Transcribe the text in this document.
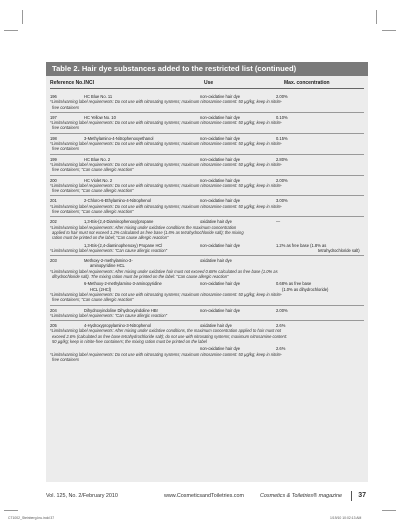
Table 2. Hair dye substances added to the restricted list (continued)
Reference No. INCI	Use	Max. concentration
196	HC Blue No. 11	non-oxidative hair dye	2.00%
*Limits/warning label requirements: Do not use with nitrosating systems; maximum nitrosamine content: 50 µg/kg; keep in nitrite-
free containers
197	HC Yellow No. 10	non-oxidative hair dye	0.10%
*Limits/warning label requirements: Do not use with nitrosating systems; maximum nitrosamine content: 50 µg/kg; keep in nitrite-
free containers
198	3-Methylamino-4-Nitrophenoxyethanol	non-oxidative hair dye	0.15%
*Limits/warning label requirements: Do not use with nitrosating systems; maximum nitrosamine content: 50 µg/kg; keep in nitrite-
free containers
199	HC Blue No. 2	non-oxidative hair dye	2.80%
*Limits/warning label requirements: Do not use with nitrosating systems; maximum nitrosamine content: 50 µg/kg; keep in nitrite-
free containers; "Can cause allergic reaction"
200	HC Violet No. 2	non-oxidative hair dye	2.00%
*Limits/warning label requirements: Do not use with nitrosating systems; maximum nitrosamine content: 50 µg/kg; keep in nitrite-
free containers; "Can cause allergic reaction"
201	2-Chloro-6-Ethylamino-4-Nitrophenol	non-oxidative hair dye	3.00%
*Limits/warning label requirements: Do not use with nitrosating systems; maximum nitrosamine content: 50 µg/kg; keep in nitrite-
free containers; "Can cause allergic reaction"
202	1,3-Bis-(2,4-Diaminophenoxy)propane	oxidative hair dye	—
*Limits/warning label requirements: After mixing under oxidative conditions the maximum concentration
applied to hair must not exceed 1.2% calculated as free base (1.8% as tetrahydrochloride salt); the mixing
ration must be printed on the label; "Can cause allergic reaction"
1,3-Bis-(2,4-diaminophenoxy) Propane HCl	non-oxidative hair dye	1.2% as free base (1.8% as
*Limits/warning label requirements: "Can cause allergic reaction"	tetrahydrochloride salt)
203	Methoxy-2-methylamino-3-	oxidative hair dye
aminopyridine HCL
*Limits/warning label requirements: After mixing under oxidative hair must not exceed 0.68% calculated as free base (1.0% as
dihydrochloride salt). The mixing ration must be printed on the label: "Can cause allergic reaction"
6-Methoxy-2-methylamino-3-aminopyridine	non-oxidative hair dye	0.68% as free base
HCL (2HCl)	(1.0% as dihydrochloride)
*Limits/warning label requirements: Do not use with nitrosating systems; maximum nitrosamine content: 50 µg/kg; keep in nitrite-
free containers; "Can cause allergic reaction"
204	Dihydroxyindoline Dihydroxyindoline HBr	non-oxidative hair dye	2.00%
*Limits/warning label requirements: "Can cause allergic reaction"
205	4-Hydroxypropylamino-3-Nitrophenol	oxidative hair dye	2.6%
*Limits/warning label requirements: After mixing under oxidative conditions, the maximum concentration applied to hair must not
exceed 2.6% (calculated as free base tetrahydrochloride salt); do not use with nitrosating systems; maximum nitrosamine content:
50 µg/kg; keep in nitrite-free containers; the mixing ration must be printed on the label
non-oxidative hair dye	2.6%
*Limits/warning label requirements: Do not use with nitrosating systems; maximum nitrosamine content: 50 µg/kg; keep in nitrite-
free containers
Vol. 125, No. 2/February 2010	www.CosmeticsandToiletries.com	Cosmetics & Toiletries® magazine 37
CT1002_Steinberg.Inu.indd 37	1/19/10 10:02:13 AM
